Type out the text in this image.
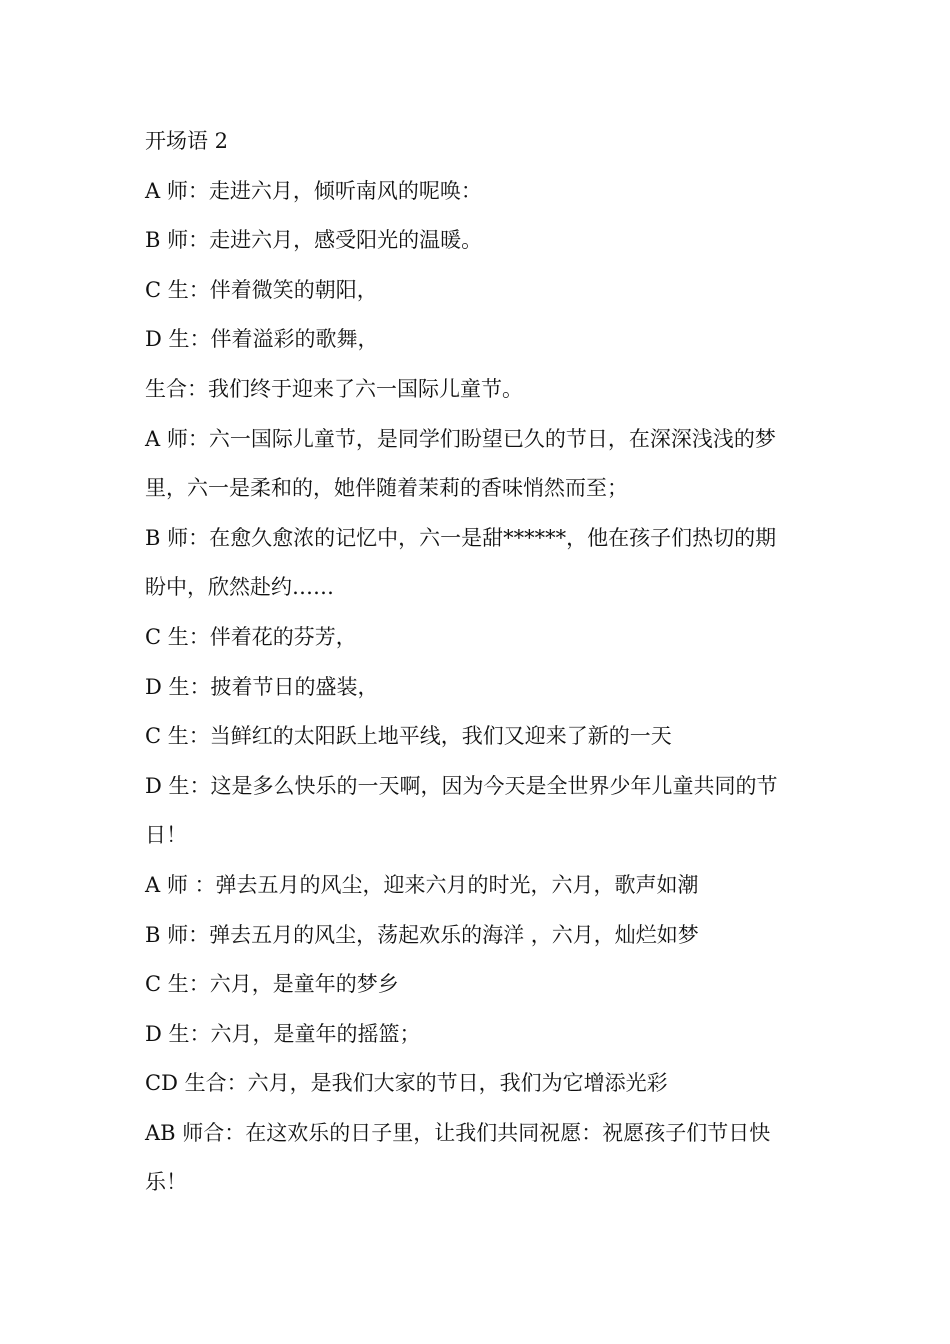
开场语 2
A 师：走进六月，倾听南风的呢唤：
B 师：走进六月，感受阳光的温暖。
C 生：伴着微笑的朝阳，
D 生：伴着溢彩的歌舞，
生合：我们终于迎来了六一国际儿童节。
A 师：六一国际儿童节，是同学们盼望已久的节日，在深深浅浅的梦
里，六一是柔和的，她伴随着茉莉的香味悄然而至；
B 师：在愈久愈浓的记忆中，六一是甜******，他在孩子们热切的期
盼中，欣然赴约……
C 生：伴着花的芬芳，
D 生：披着节日的盛装，
C 生：当鲜红的太阳跃上地平线，我们又迎来了新的一天
D 生：这是多么快乐的一天啊，因为今天是全世界少年儿童共同的节
日！
A 师 ：弹去五月的风尘，迎来六月的时光，六月，歌声如潮
B 师：弹去五月的风尘，荡起欢乐的海洋 ，六月，灿烂如梦
C 生：六月，是童年的梦乡
D 生：六月，是童年的摇篮；
CD 生合：六月，是我们大家的节日，我们为它增添光彩
AB 师合：在这欢乐的日子里，让我们共同祝愿：祝愿孩子们节日快
乐！
